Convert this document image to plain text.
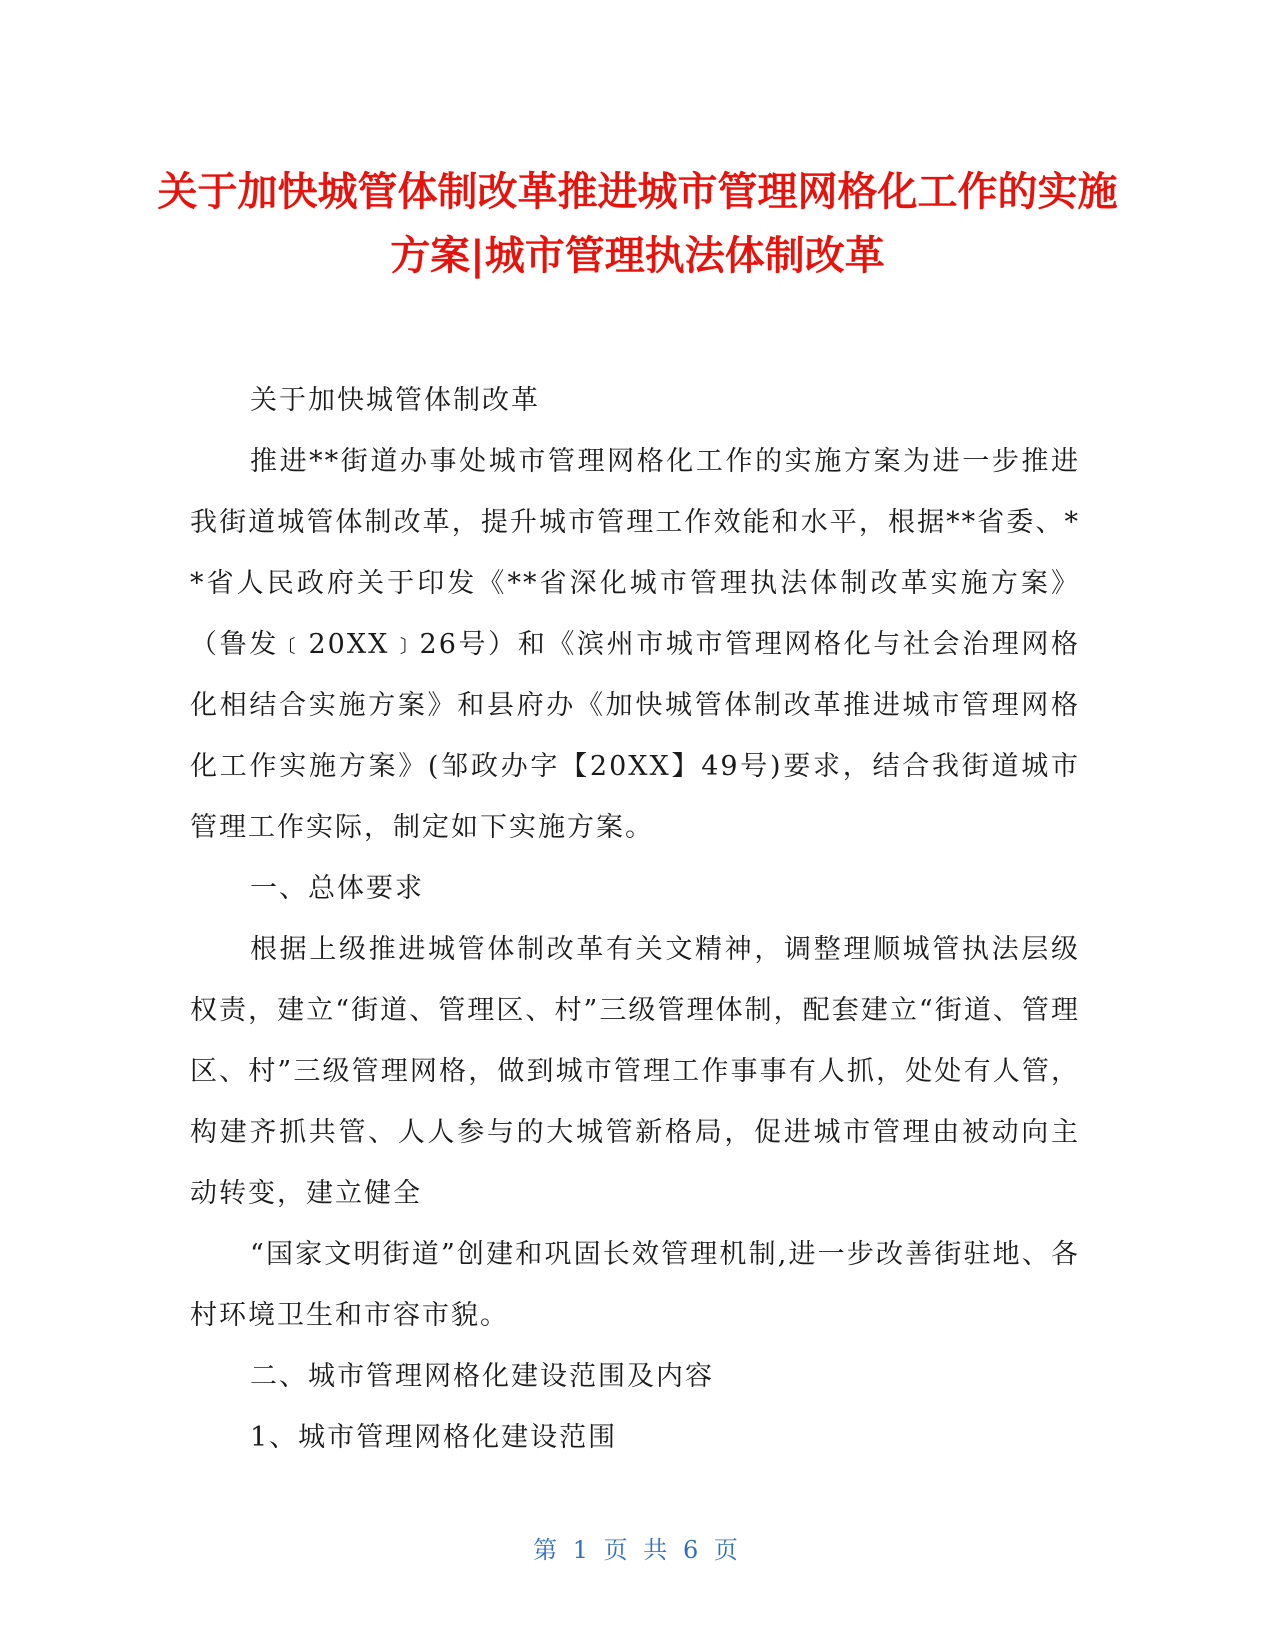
关于加快城管体制改革推进城市管理网格化工作的实施方案|城市管理执法体制改革

关于加快城管体制改革

推进**街道办事处城市管理网格化工作的实施方案为进一步推进我街道城管体制改革，提升城市管理工作效能和水平，根据**省委、**省人民政府关于印发《**省深化城市管理执法体制改革实施方案》（鲁发﹝20XX﹞26号）和《滨州市城市管理网格化与社会治理网格化相结合实施方案》和县府办《加快城管体制改革推进城市管理网格化工作实施方案》(邹政办字【20XX】49号)要求，结合我街道城市管理工作实际，制定如下实施方案。

一、总体要求

根据上级推进城管体制改革有关文精神，调整理顺城管执法层级权责，建立“街道、管理区、村”三级管理体制，配套建立“街道、管理区、村”三级管理网格，做到城市管理工作事事有人抓，处处有人管，构建齐抓共管、人人参与的大城管新格局，促进城市管理由被动向主动转变，建立健全

“国家文明街道”创建和巩固长效管理机制,进一步改善街驻地、各村环境卫生和市容市貌。

二、城市管理网格化建设范围及内容

1、城市管理网格化建设范围

第 1 页 共 6 页
